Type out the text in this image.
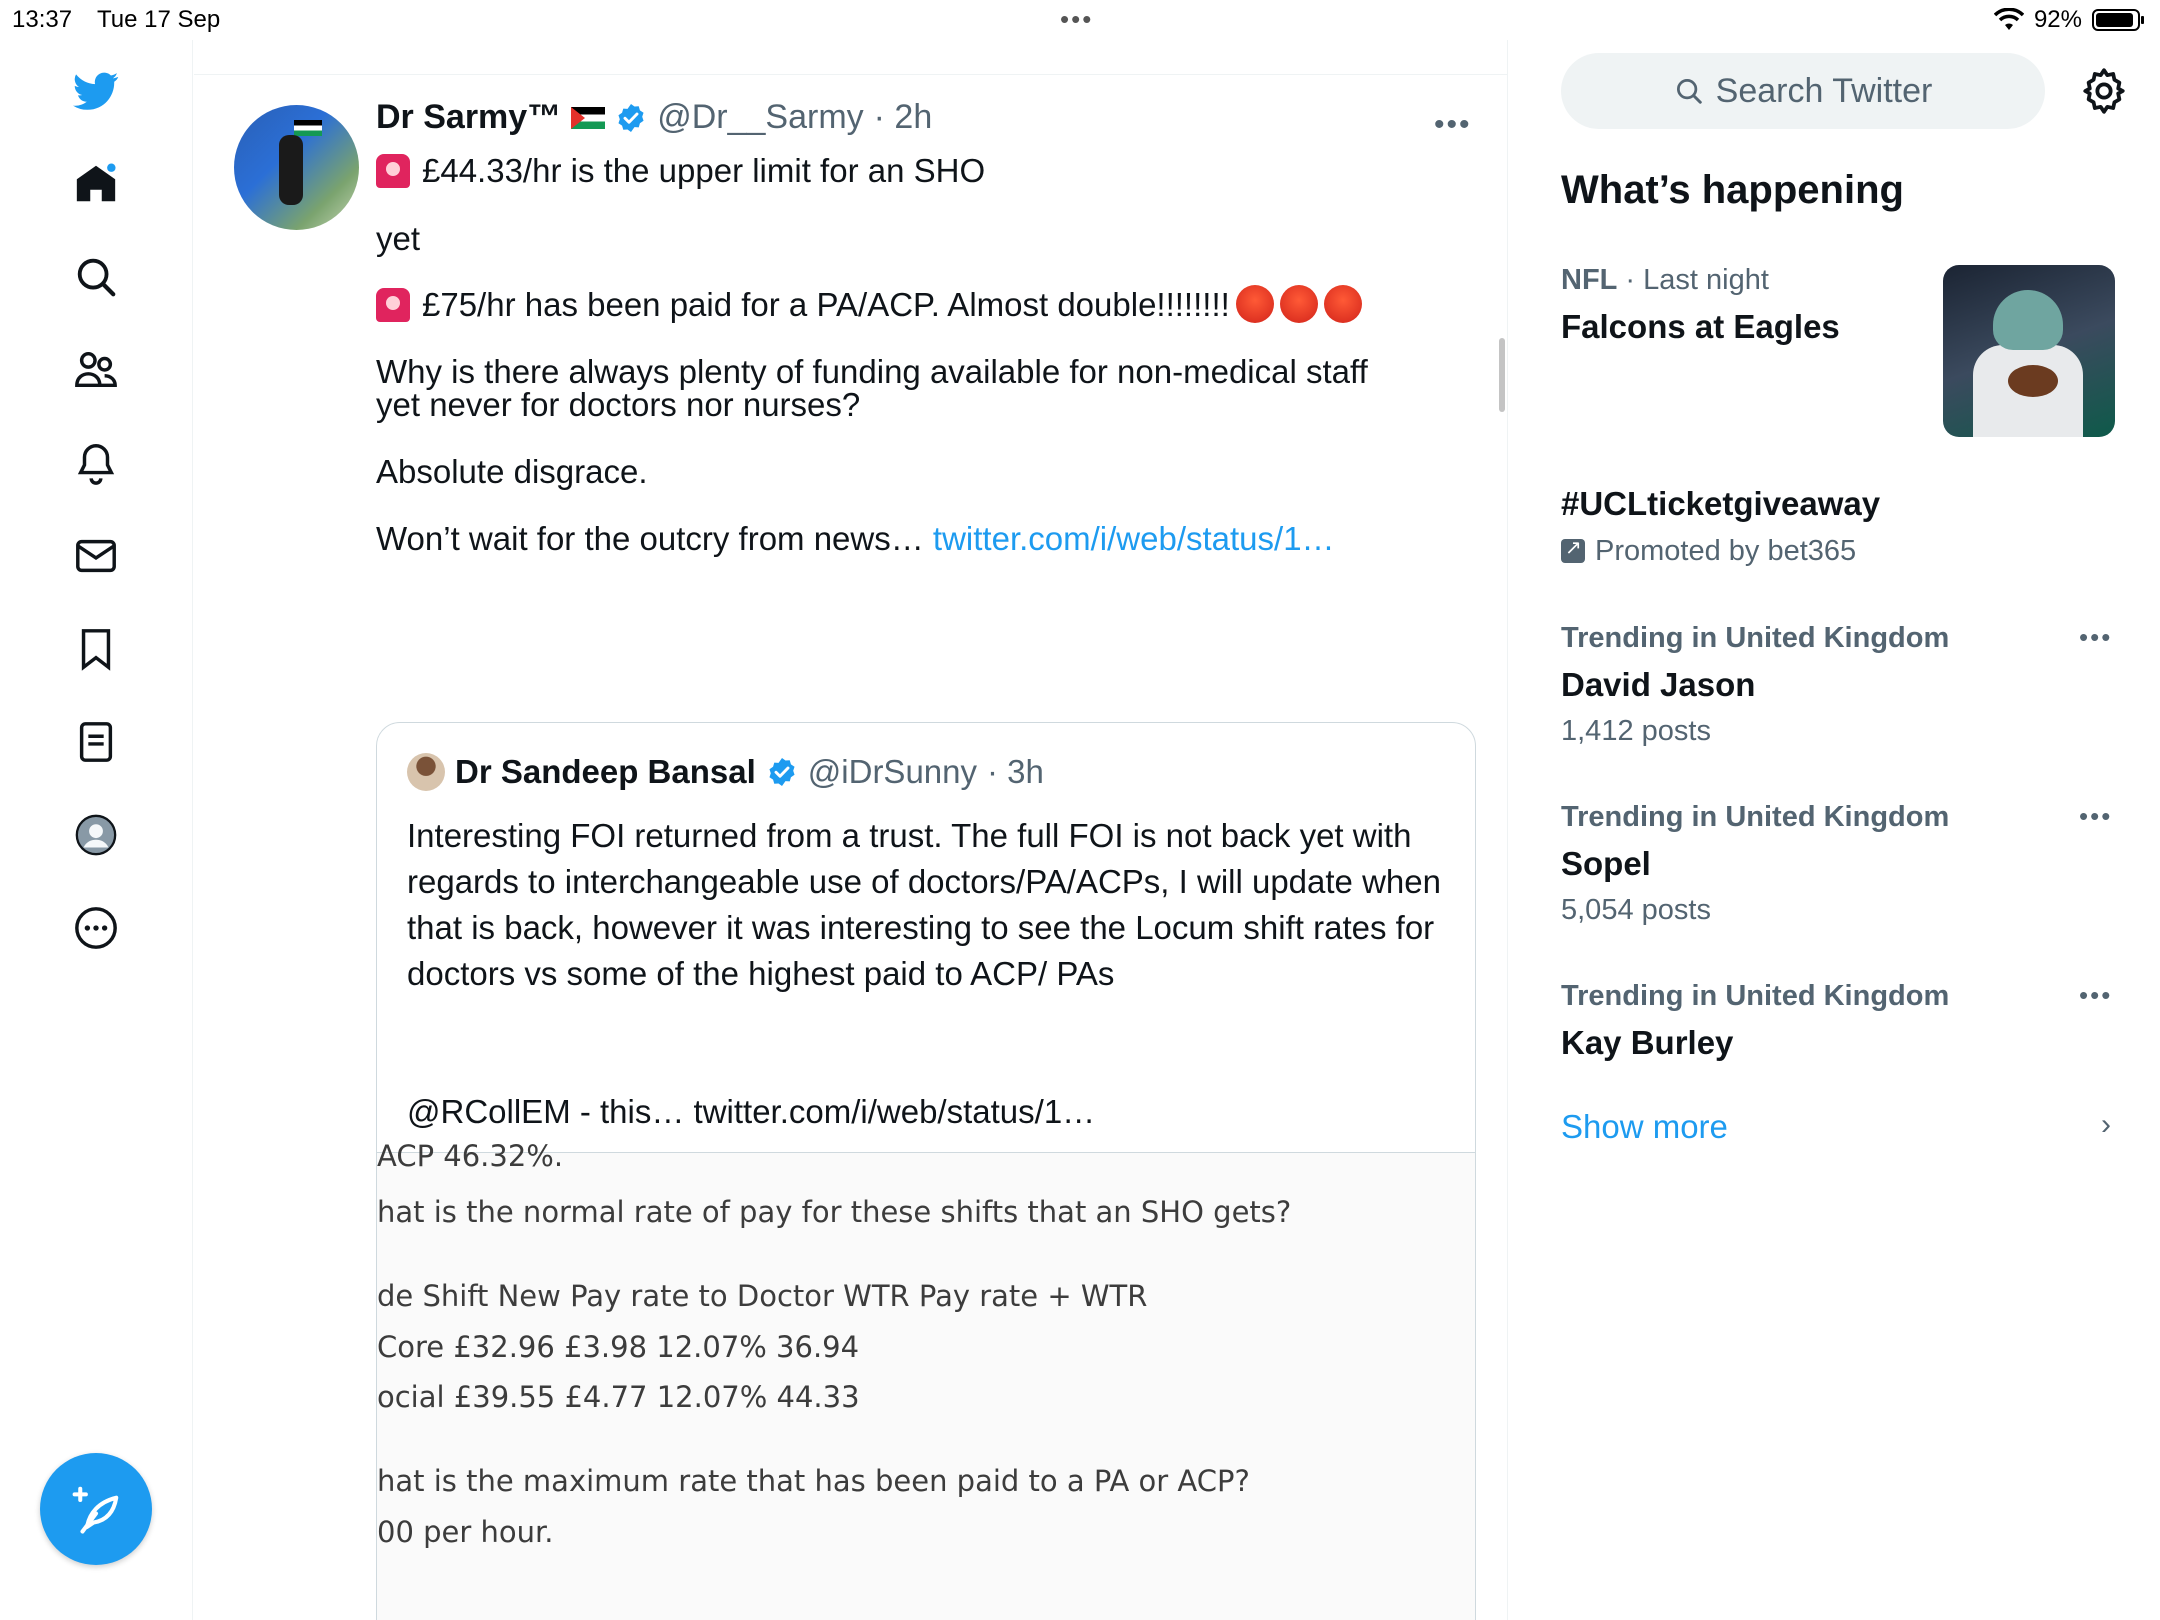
13:37 Tue 17 Sep	•••	92%
Dr Sarmy™	@Dr__Sarmy · 2h	•••
£44.33/hr is the upper limit for an SHO
yet
£75/hr has been paid for a PA/ACP. Almost double!!!!!!!!
Why is there always plenty of funding available for non-medical staff
yet never for doctors nor nurses?
Absolute disgrace.
Won’t wait for the outcry from news… twitter.com/i/web/status/1…
Dr Sandeep Bansal @iDrSunny · 3h
Interesting FOI returned from a trust. The full FOI is not back yet with regards to interchangeable use of doctors/PA/ACPs, I will update when that is back, however it was interesting to see the Locum shift rates for doctors vs some of the highest paid to ACP/ PAs
@RCollEM - this… twitter.com/i/web/status/1…
ACP 46.32%.
hat is the normal rate of pay for these shifts that an SHO gets?
de Shift New Pay rate to Doctor WTR Pay rate + WTR
Core £32.96 £3.98 12.07% 36.94
ocial £39.55 £4.77 12.07% 44.33
hat is the maximum rate that has been paid to a PA or ACP?
00 per hour.
Search Twitter
What’s happening
NFL · Last night
Falcons at Eagles
#UCLticketgiveaway
↗Promoted by bet365
Trending in United Kingdom	•••
David Jason
1,412 posts
Trending in United Kingdom	•••
Sopel
5,054 posts
Trending in United Kingdom	•••
Kay Burley
Show more	›
